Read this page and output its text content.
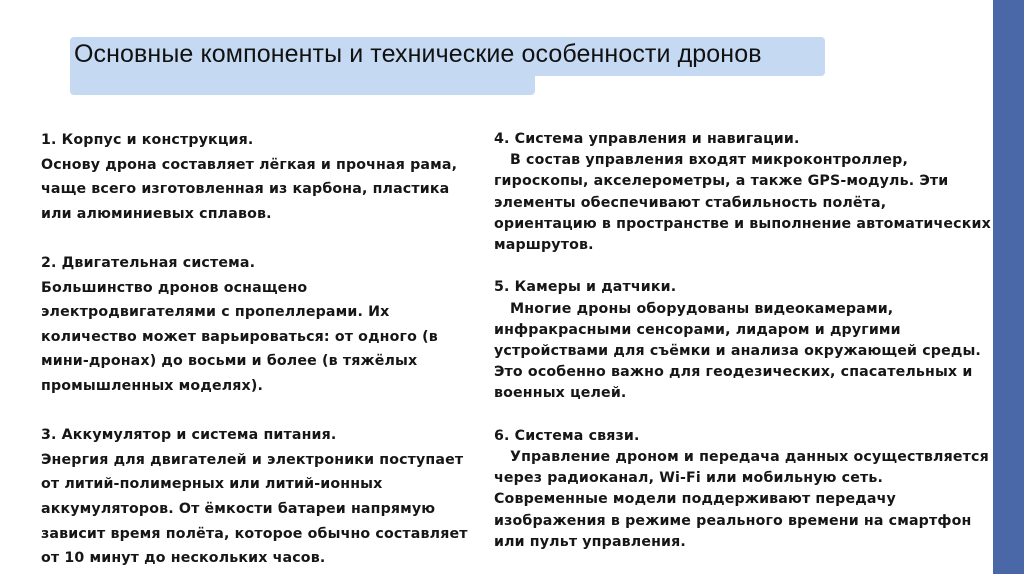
Основные компоненты и технические особенности дронов
1. Корпус и конструкция.
Основу дрона составляет лёгкая и прочная рама, чаще всего изготовленная из карбона, пластика или алюминиевых сплавов.
2. Двигательная система.
Большинство дронов оснащено электродвигателями с пропеллерами. Их количество может варьироваться: от одного (в мини-дронах) до восьми и более (в тяжёлых промышленных моделях).
3. Аккумулятор и система питания.
Энергия для двигателей и электроники поступает от литий-полимерных или литий-ионных аккумуляторов. От ёмкости батареи напрямую зависит время полёта, которое обычно составляет от 10 минут до нескольких часов.
4. Система управления и навигации.
В состав управления входят микроконтроллер, гироскопы, акселерометры, а также GPS-модуль. Эти элементы обеспечивают стабильность полёта, ориентацию в пространстве и выполнение автоматических маршрутов.
5. Камеры и датчики.
Многие дроны оборудованы видеокамерами, инфракрасными сенсорами, лидаром и другими устройствами для съёмки и анализа окружающей среды. Это особенно важно для геодезических, спасательных и военных целей.
6. Система связи.
Управление дроном и передача данных осуществляется через радиоканал, Wi-Fi или мобильную сеть. Современные модели поддерживают передачу изображения в режиме реального времени на смартфон или пульт управления.
